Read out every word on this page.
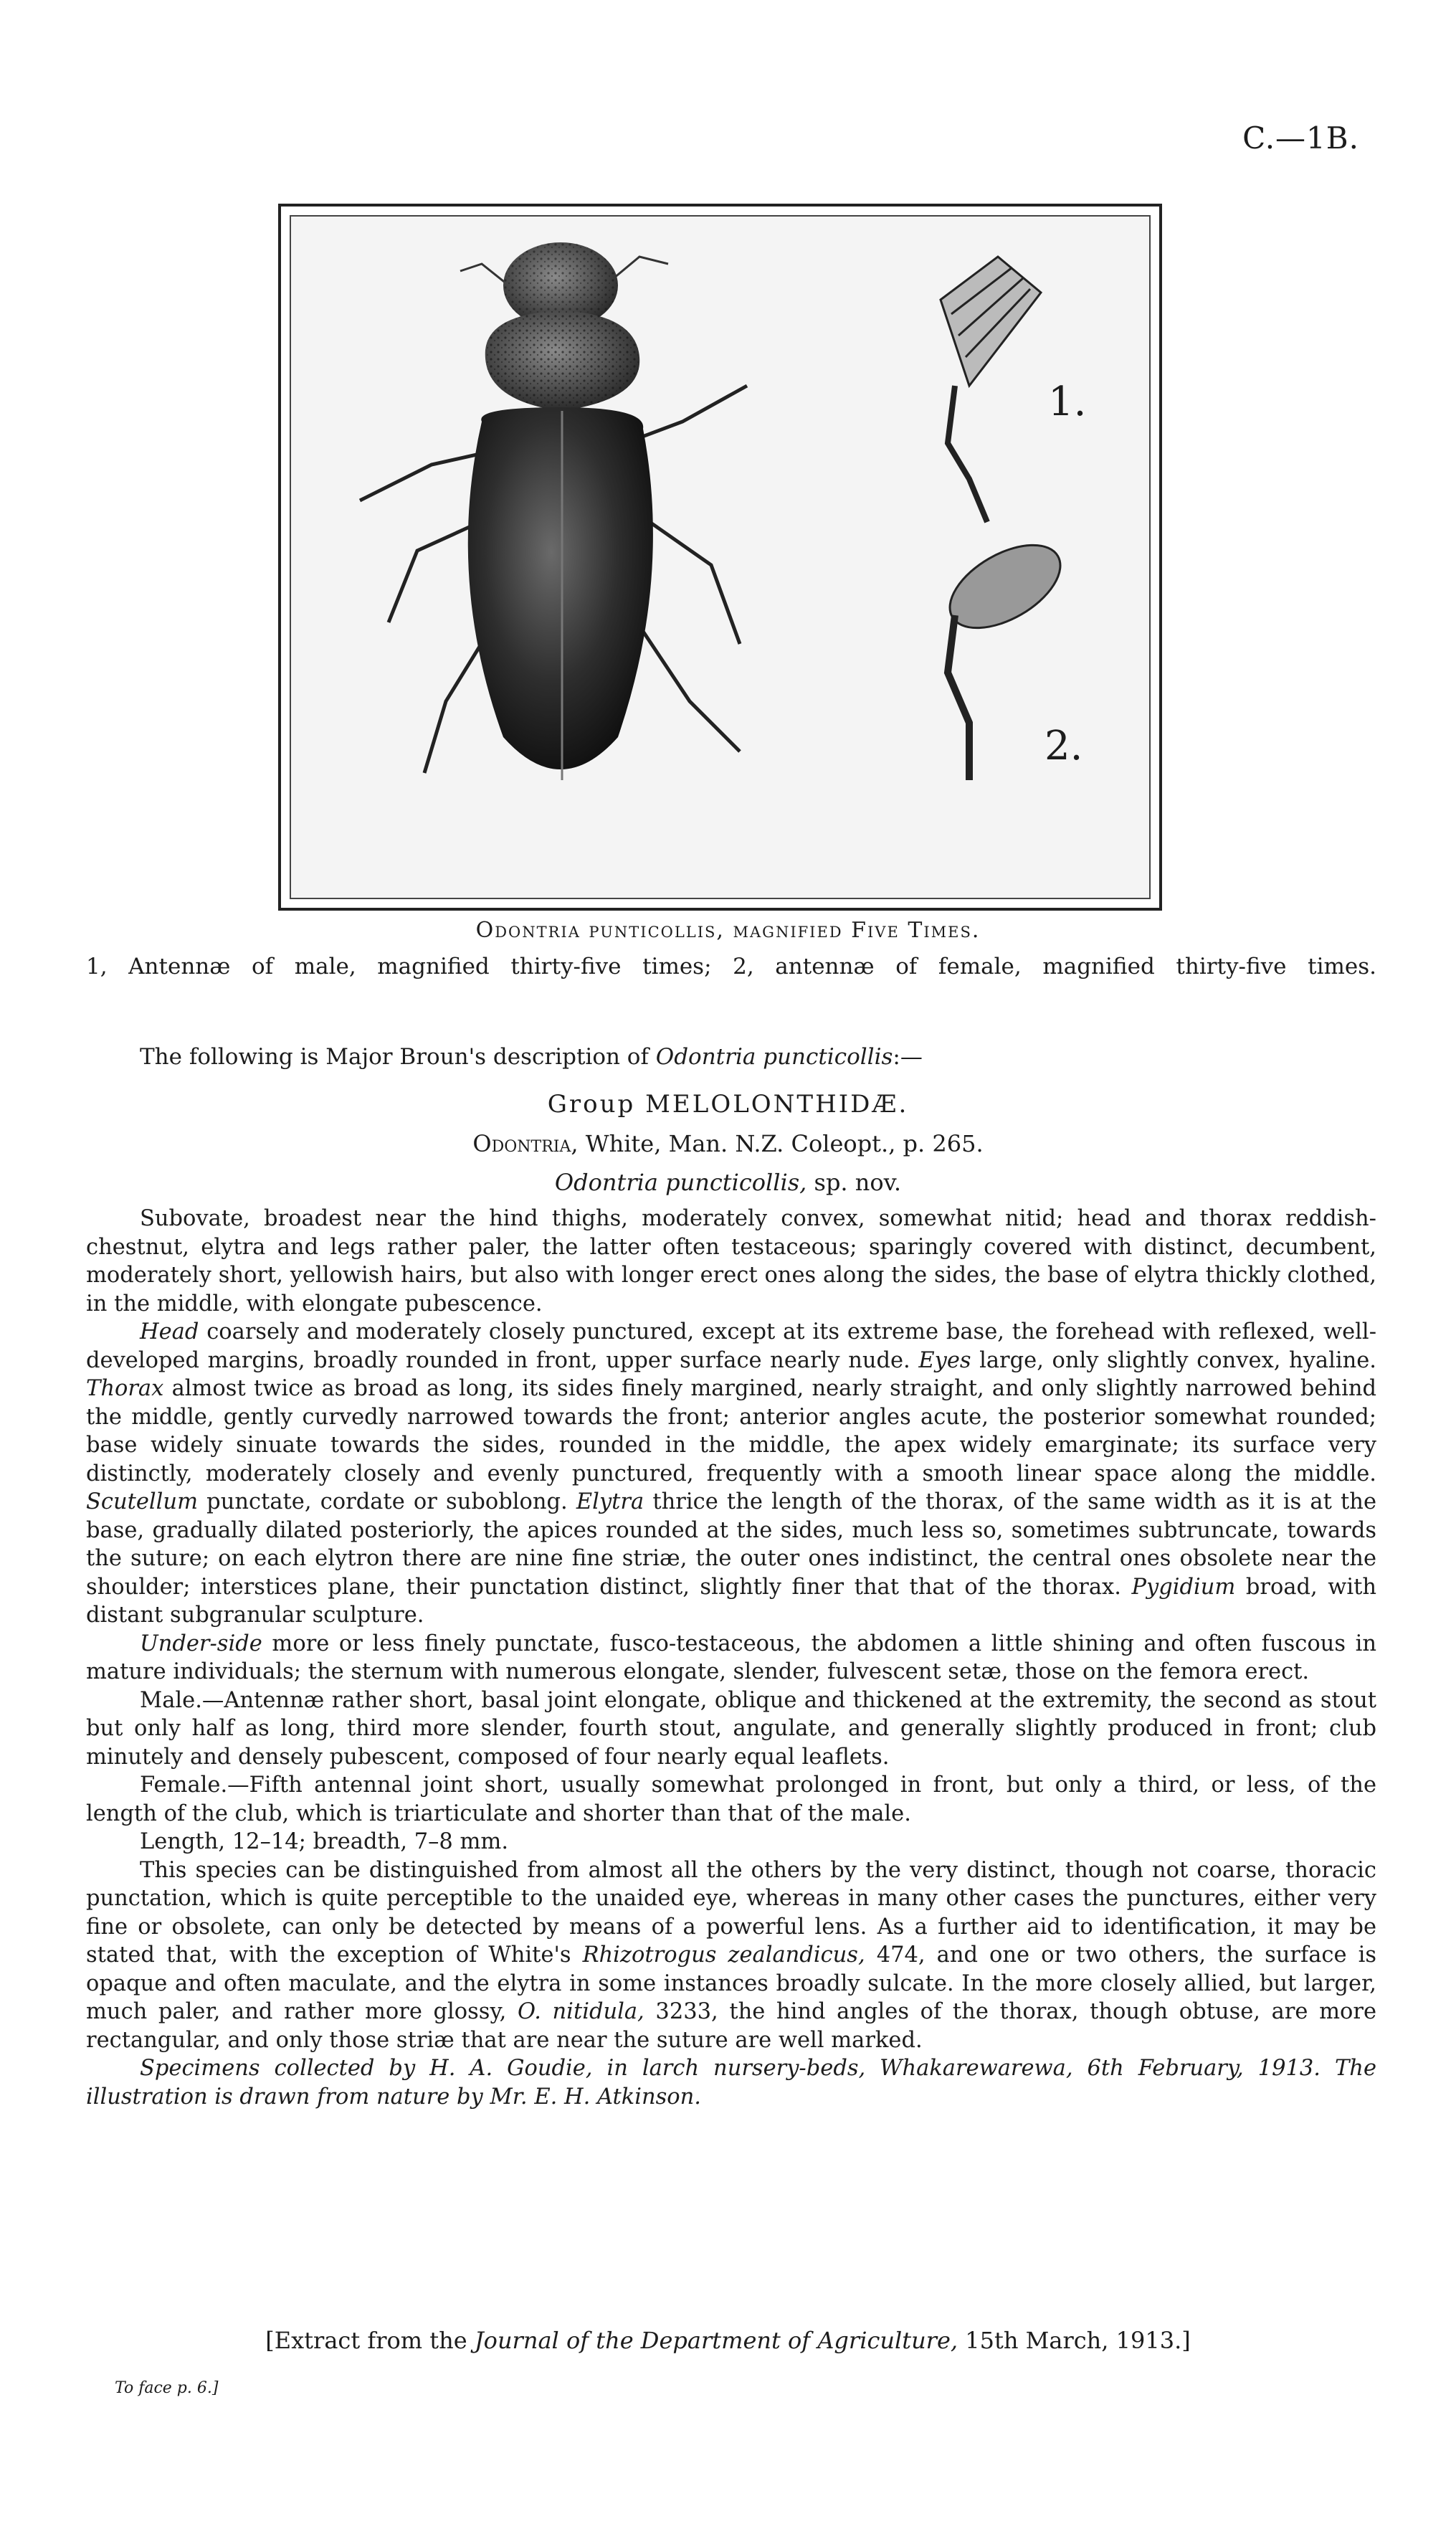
C.—1B.
1.
2.
Odontria punticollis, magnified Five Times.
1, Antennæ of male, magnified thirty-five times; 2, antennæ of female, magnified thirty-five times.
The following is Major Broun's description of Odontria puncticollis:—
Group MELOLONTHIDÆ.
Odontria, White, Man. N.Z. Coleopt., p. 265.
Odontria puncticollis, sp. nov.

Subovate, broadest near the hind thighs, moderately convex, somewhat nitid; head and thorax reddish-chestnut, elytra and legs rather paler, the latter often testaceous; sparingly covered with distinct, decumbent, moderately short, yellowish hairs, but also with longer erect ones along the sides, the base of elytra thickly clothed, in the middle, with elongate pubescence.

Head coarsely and moderately closely punctured, except at its extreme base, the forehead with reflexed, well-developed margins, broadly rounded in front, upper surface nearly nude. Eyes large, only slightly convex, hyaline. Thorax almost twice as broad as long, its sides finely margined, nearly straight, and only slightly narrowed behind the middle, gently curvedly narrowed towards the front; anterior angles acute, the posterior somewhat rounded; base widely sinuate towards the sides, rounded in the middle, the apex widely emarginate; its surface very distinctly, moderately closely and evenly punctured, frequently with a smooth linear space along the middle. Scutellum punctate, cordate or suboblong. Elytra thrice the length of the thorax, of the same width as it is at the base, gradually dilated posteriorly, the apices rounded at the sides, much less so, sometimes subtruncate, towards the suture; on each elytron there are nine fine striæ, the outer ones indistinct, the central ones obsolete near the shoulder; interstices plane, their punctation distinct, slightly finer that that of the thorax. Pygidium broad, with distant subgranular sculpture.

Under-side more or less finely punctate, fusco-testaceous, the abdomen a little shining and often fuscous in mature individuals; the sternum with numerous elongate, slender, fulvescent setæ, those on the femora erect.

Male.—Antennæ rather short, basal joint elongate, oblique and thickened at the extremity, the second as stout but only half as long, third more slender, fourth stout, angulate, and generally slightly produced in front; club minutely and densely pubescent, composed of four nearly equal leaflets.

Female.—Fifth antennal joint short, usually somewhat prolonged in front, but only a third, or less, of the length of the club, which is triarticulate and shorter than that of the male.

Length, 12–14; breadth, 7–8 mm.

This species can be distinguished from almost all the others by the very distinct, though not coarse, thoracic punctation, which is quite perceptible to the unaided eye, whereas in many other cases the punctures, either very fine or obsolete, can only be detected by means of a powerful lens. As a further aid to identification, it may be stated that, with the exception of White's Rhizotrogus zealandicus, 474, and one or two others, the surface is opaque and often maculate, and the elytra in some instances broadly sulcate. In the more closely allied, but larger, much paler, and rather more glossy, O. nitidula, 3233, the hind angles of the thorax, though obtuse, are more rectangular, and only those striæ that are near the suture are well marked.

Specimens collected by H. A. Goudie, in larch nursery-beds, Whakarewarewa, 6th February, 1913. The illustration is drawn from nature by Mr. E. H. Atkinson.

[Extract from the Journal of the Department of Agriculture, 15th March, 1913.]
To face p. 6.]
